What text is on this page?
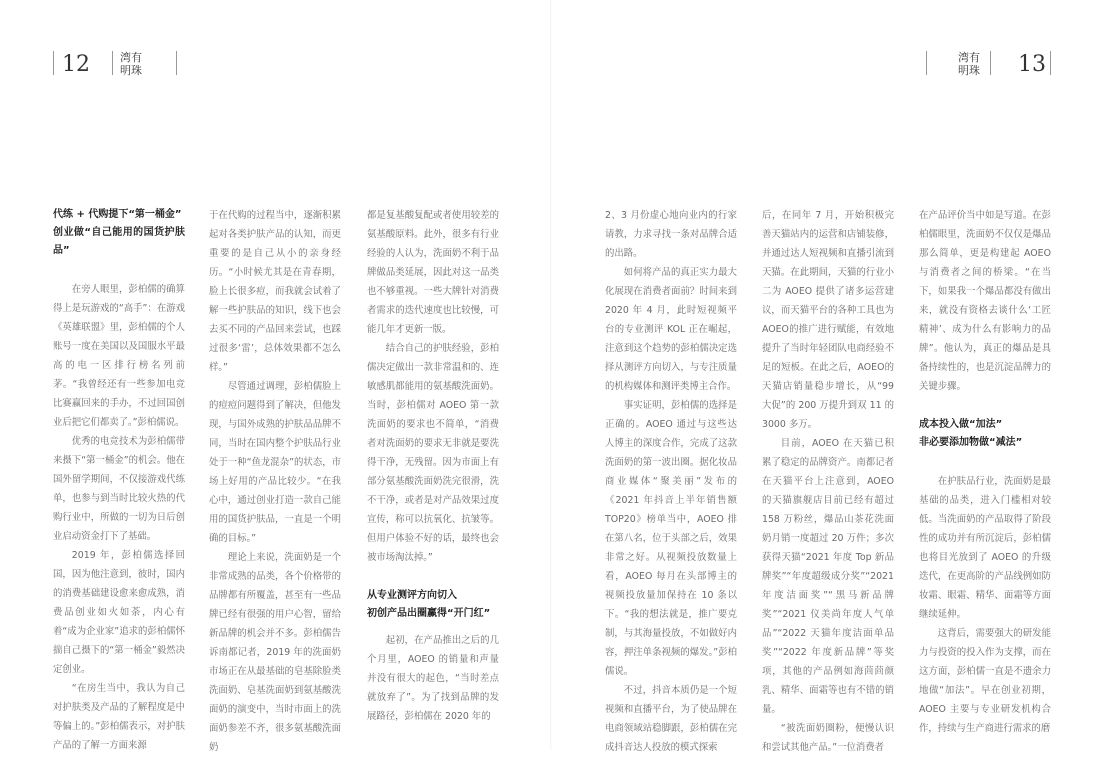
12	湾有
明珠
湾有
明珠 13
代练 + 代购提下“第一桶金”
创业做“自己能用的国货护肤品”

在旁人眼里，彭柏儒的确算得上是玩游戏的“高手”：在游戏《英雄联盟》里，彭柏儒的个人账号一度在美国以及国服水平最高的电一区排行榜名列前茅。“我曾经还有一些参加电竞比赛赢回来的手办，不过回国创业后把它们都卖了。”彭柏儒说。

优秀的电竞技术为彭柏儒带来摄下“第一桶金”的机会。他在国外留学期间，不仅接游戏代练单，也参与到当时比较火热的代购行业中，所做的一切为日后创业启动资金打下了基础。

2019 年，彭柏儒选择回国，因为他注意到，彼时，国内的消费基础建设愈来愈成熟，消费品创业如火如荼，内心有着“成为企业家”追求的彭柏儒怀揣自己摄下的“第一桶金”毅然决定创业。

“在房生当中，我认为自己对护肤类及产品的了解程度是中等偏上的。”彭柏儒表示，对护肤产品的了解一方面来源

于在代购的过程当中，逐渐积累起对各类护肤产品的认知，而更重要的是自己从小的亲身经历。“小时候尤其是在青春期，脸上长很多痘，而我就会试着了解一些护肤品的知识，线下也会去买不同的产品回来尝试，也踩过很多‘雷’，总体效果都不怎么样。”

尽管通过调理，彭柏儒脸上的痘痘问题得到了解决，但他发现，与国外成熟的护肤品品牌不同，当时在国内整个护肤品行业处于一种“鱼龙混杂”的状态，市场上好用的产品比较少。“在我心中，通过创业打造一款自己能用的国货护肤品，一直是一个明确的目标。”

理论上来说，洗面奶是一个非常成熟的品类，各个价格带的品牌都有所覆盖，甚至有一些品牌已经有很强的用户心智，留给新品牌的机会并不多。彭柏儒告诉南都记者，2019 年的洗面奶市场正在从最基础的皂基除脸类洗面奶、皂基洗面奶到氨基酸洗面奶的演变中，当时市面上的洗面奶参差不齐，很多氨基酸洗面奶

都是复基酸复配或者使用较差的氨基酸原料。此外，很多有行业经验的人认为，洗面奶不利于品牌做品类延展，因此对这一品类也不够重视。一些大牌针对消费者需求的迭代速度也比较慢，可能几年才更新一版。

结合自己的护肤经验，彭柏儒决定做出一款非常温和的、连敏感肌都能用的氨基酸洗面奶。当时，彭柏儒对 AOEO 第一款洗面奶的要求也不简单，“消费者对洗面奶的要求无非就是要洗得干净，无残留。因为市面上有部分氨基酸洗面奶洗完很滑，洗不干净，或者是对产品效果过度宣传，称可以抗氧化、抗皱等。但用户体验不好的话，最终也会被市场淘汰掉。”

从专业测评方向切入
初创产品出圈赢得“开门红”

起初，在产品推出之后的几个月里，AOEO 的销量和声量并没有很大的起色，“当时差点就放弃了”。为了找到品牌的发展路径，彭柏儒在 2020 年的

2、3 月份虚心地向业内的行家请教，力求寻找一条对品牌合适的出路。

如何将产品的真正实力最大化展现在消费者面前？时间来到 2020 年 4 月，此时短视频平台的专业测评 KOL 正在崛起，注意到这个趋势的彭柏儒决定选择从测评方向切入，与专注质量的机构媒体和测评类博主合作。

事实证明，彭柏儒的选择是正确的。AOEO 通过与这些达人博主的深度合作，完成了这款洗面奶的第一波出圈。据化妆品商业媒体“聚美丽”发布的《2021 年抖音上半年销售额 TOP20》榜单当中，AOEO 排在第八名，位于头部之后，效果非常之好。从视频投放数量上看，AOEO 每月在头部博主的视频投放量加保持在 10 条以下。“我的想法就是，推广要克制，与其海量投放，不如做好内容，押注单条视频的爆发。”彭柏儒说。

不过，抖音本质仍是一个短视频和直播平台，为了使品牌在电商领域站稳脚跟，彭柏儒在完成抖音达人投放的模式探索

后，在同年 7 月，开始积极完善天猫站内的运营和店铺装修，并通过达人短视频和直播引流到天猫。在此期间，天猫的行业小二为 AOEO 提供了诸多运营建议，而天猫平台的各种工具也为AOEO的推广进行赋能，有效地提升了当时年轻团队电商经验不足的短板。在此之后，AOEO的天猫店销量稳步增长，从“99 大促”的 200 万提升到双 11 的 3000 多万。

目前，AOEO 在天猫已积累了稳定的品牌资产。南都记者在天猫平台上注意到，AOEO 的天猫旗舰店目前已经有超过 158 万粉丝，爆品山茶花洗面奶月销一度超过 20 万件；多次获得天猫“2021 年度 Top 新品牌奖”“年度超级成分奖”“2021 年度洁面奖”“黑马新品牌奖”“2021 仪美尚年度人气单品”“2022 天猫年度洁面单品奖”“2022 年度新品牌”等奖项，其他的产品例如海茴茴颜乳、精华、面霜等也有不错的销量。

“被洗面奶圈粉，便慢认识和尝试其他产品。”一位消费者

在产品评价当中如是写道。在彭柏儒眼里，洗面奶不仅仅是爆品那么简单，更是构建起 AOEO 与消费者之间的桥梁。“在当下，如果我一个爆品都没有做出来，就没有资格去谈什么‘工匠精神’、成为什么有影响力的品牌”。他认为，真正的爆品是具备持续性的，也是沉淀品牌力的关键步骤。

成本投入做“加法”
非必要添加物做“减法”

在护肤品行业，洗面奶是最基础的品类，进入门槛相对较低。当洗面奶的产品取得了阶段性的成功并有所沉淀后，彭柏儒也将目光放到了 AOEO 的升级迭代，在更高阶的产品线例如防妆霜、眼霜、精华、面霜等方面继续延伸。

这背后，需要强大的研发能力与投资的投入作为支撑，而在这方面，彭柏儒一直是不遗余力地做“加法”。早在创业初期，AOEO 主要与专业研发机构合作，持续与生产商进行需求的磨
